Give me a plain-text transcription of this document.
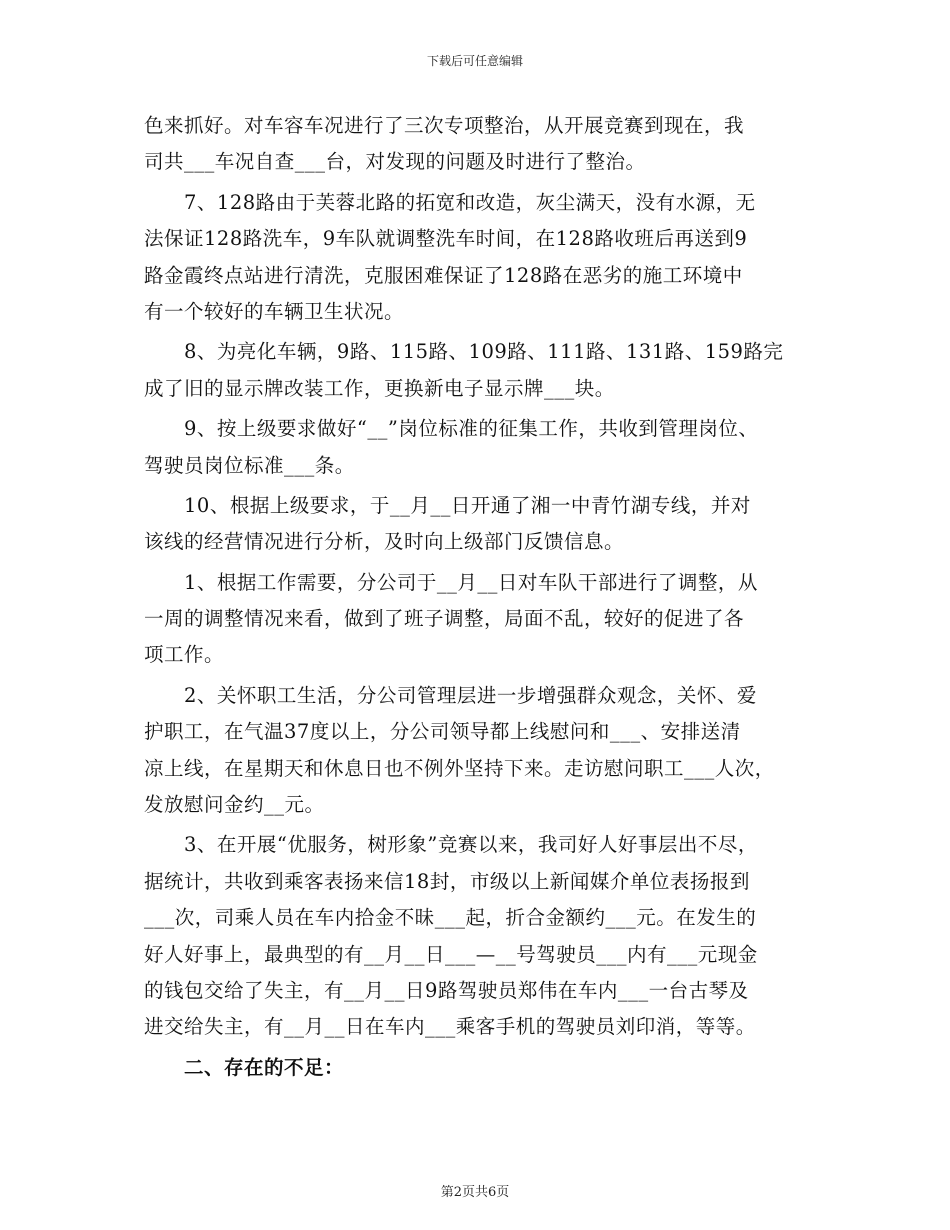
下载后可任意编辑
色来抓好。对车容车况进行了三次专项整治，从开展竞赛到现在，我
司共___车况自查___台，对发现的问题及时进行了整治。
7、128路由于芙蓉北路的拓宽和改造，灰尘满天，没有水源，无
法保证128路洗车，9车队就调整洗车时间，在128路收班后再送到9
路金霞终点站进行清洗，克服困难保证了128路在恶劣的施工环境中
有一个较好的车辆卫生状况。
8、为亮化车辆，9路、115路、109路、111路、131路、159路完
成了旧的显示牌改装工作，更换新电子显示牌___块。
9、按上级要求做好“__”岗位标准的征集工作，共收到管理岗位、
驾驶员岗位标准___条。
10、根据上级要求，于__月__日开通了湘一中青竹湖专线，并对
该线的经营情况进行分析，及时向上级部门反馈信息。
1、根据工作需要，分公司于__月__日对车队干部进行了调整，从
一周的调整情况来看，做到了班子调整，局面不乱，较好的促进了各
项工作。
2、关怀职工生活，分公司管理层进一步增强群众观念，关怀、爱
护职工，在气温37度以上，分公司领导都上线慰问和___、安排送清
凉上线，在星期天和休息日也不例外坚持下来。走访慰问职工___人次，
发放慰问金约__元。
3、在开展“优服务，树形象”竞赛以来，我司好人好事层出不尽，
据统计，共收到乘客表扬来信18封，市级以上新闻媒介单位表扬报到
___次，司乘人员在车内拾金不昧___起，折合金额约___元。在发生的
好人好事上，最典型的有__月__日___—__号驾驶员___内有___元现金
的钱包交给了失主，有__月__日9路驾驶员郑伟在车内___一台古琴及
进交给失主，有__月__日在车内___乘客手机的驾驶员刘印消，等等。
二、存在的不足：
第2页共6页
